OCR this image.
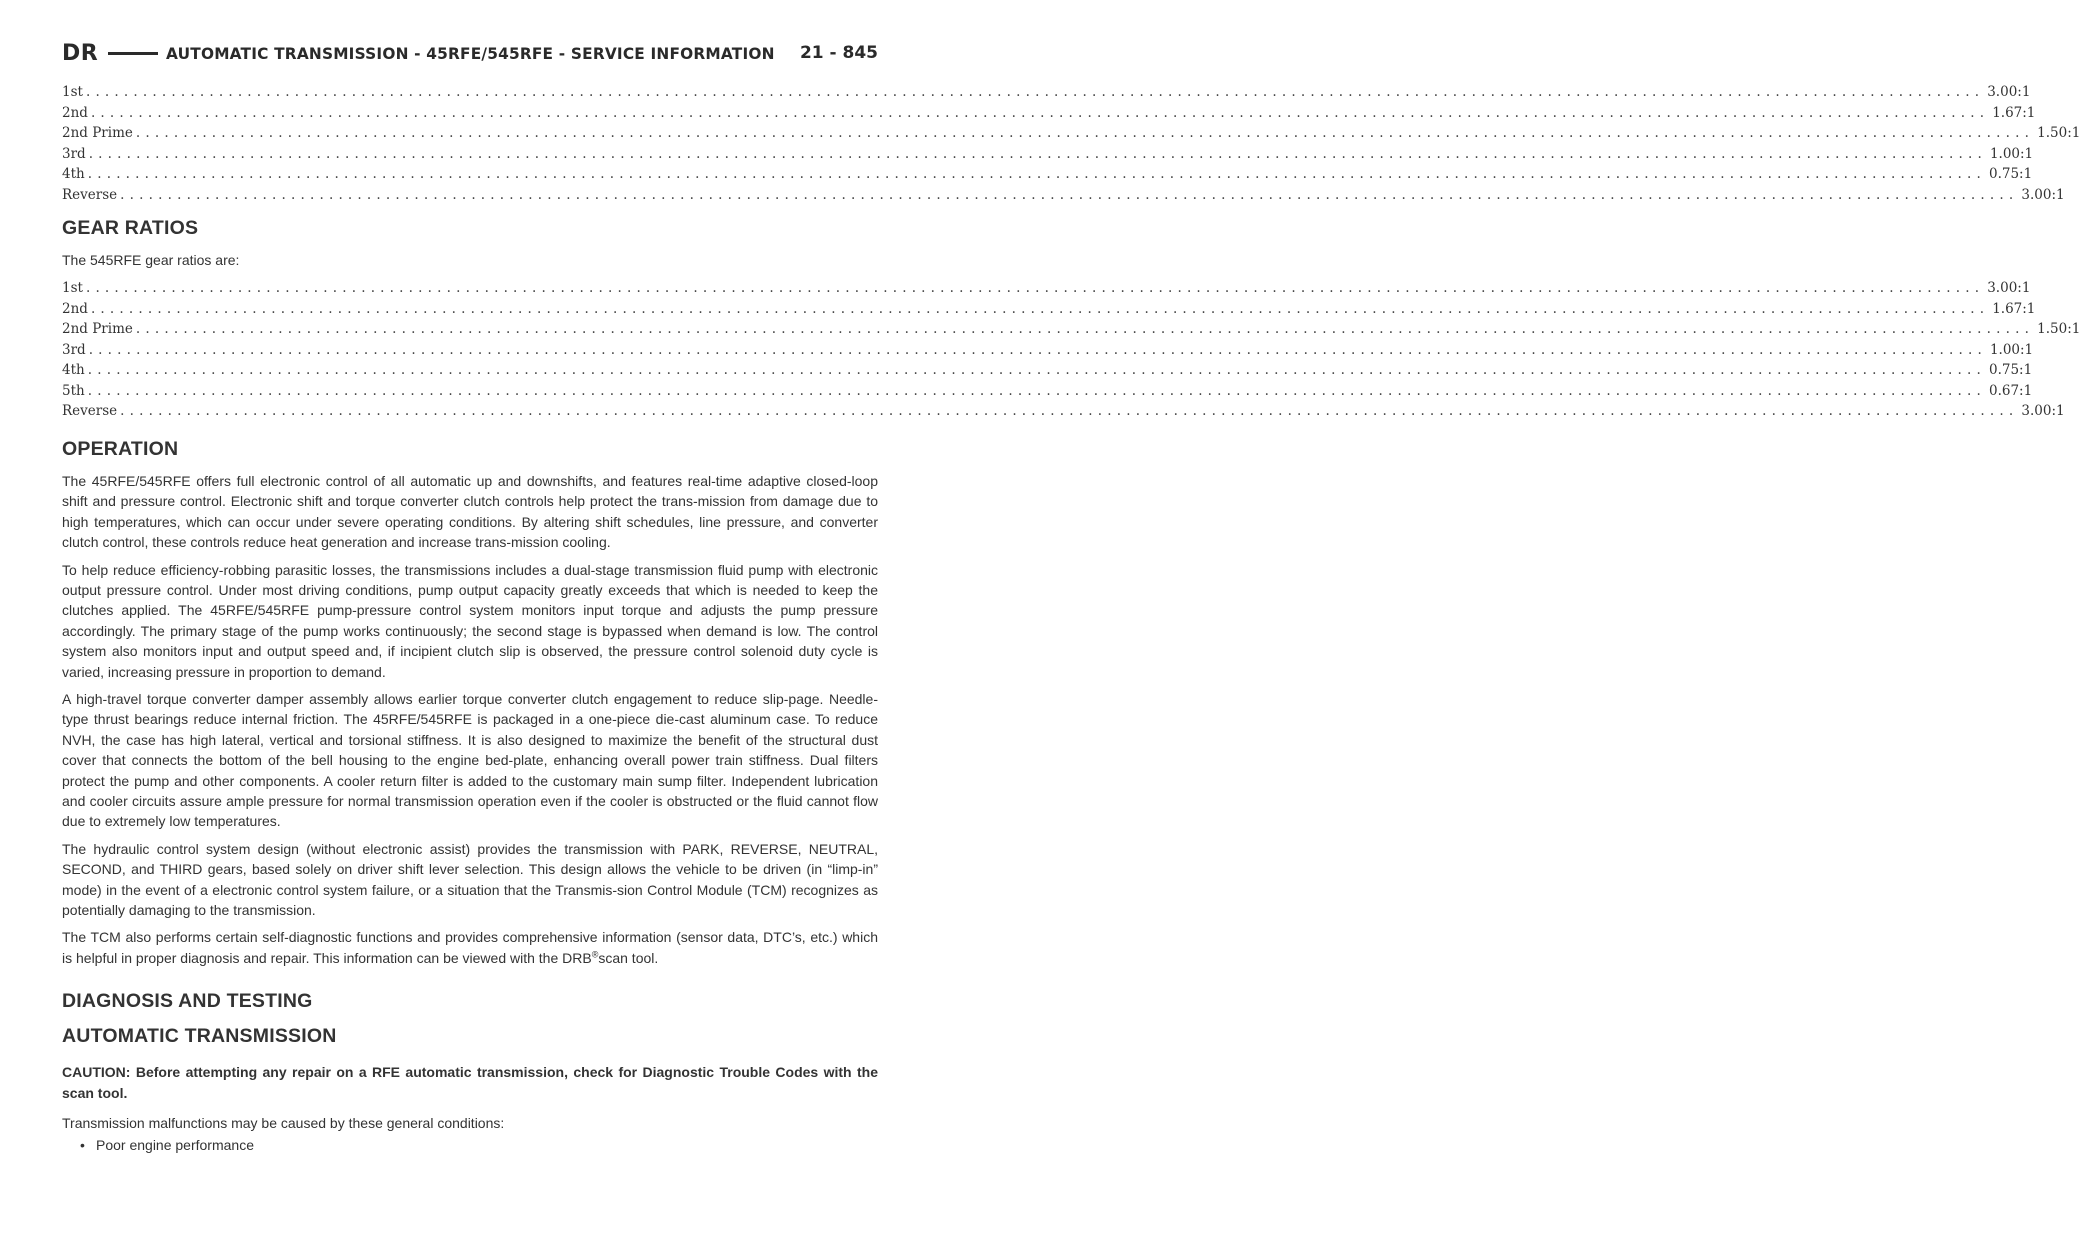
DR	AUTOMATIC TRANSMISSION - 45RFE/545RFE - SERVICE INFORMATION 21 - 845
1st ........................................................................................................................................................................................................ 3.00:1
2nd ........................................................................................................................................................................................................ 1.67:1
2nd Prime ........................................................................................................................................................................................................ 1.50:1
3rd ........................................................................................................................................................................................................ 1.00:1
4th ........................................................................................................................................................................................................ 0.75:1
Reverse ........................................................................................................................................................................................................ 3.00:1
GEAR RATIOS

The 545RFE gear ratios are:

1st ........................................................................................................................................................................................................ 3.00:1
2nd ........................................................................................................................................................................................................ 1.67:1
2nd Prime ........................................................................................................................................................................................................ 1.50:1
3rd ........................................................................................................................................................................................................ 1.00:1
4th ........................................................................................................................................................................................................ 0.75:1
5th ........................................................................................................................................................................................................ 0.67:1
Reverse ........................................................................................................................................................................................................ 3.00:1
OPERATION

The 45RFE/545RFE offers full electronic control of all automatic up and downshifts, and features real-time adaptive closed-loop shift and pressure control. Electronic shift and torque converter clutch controls help protect the trans-mission from damage due to high temperatures, which can occur under severe operating conditions. By altering shift schedules, line pressure, and converter clutch control, these controls reduce heat generation and increase trans-mission cooling.

To help reduce efficiency-robbing parasitic losses, the transmissions includes a dual-stage transmission fluid pump with electronic output pressure control. Under most driving conditions, pump output capacity greatly exceeds that which is needed to keep the clutches applied. The 45RFE/545RFE pump-pressure control system monitors input torque and adjusts the pump pressure accordingly. The primary stage of the pump works continuously; the second stage is bypassed when demand is low. The control system also monitors input and output speed and, if incipient clutch slip is observed, the pressure control solenoid duty cycle is varied, increasing pressure in proportion to demand.

A high-travel torque converter damper assembly allows earlier torque converter clutch engagement to reduce slip-page. Needle-type thrust bearings reduce internal friction. The 45RFE/545RFE is packaged in a one-piece die-cast aluminum case. To reduce NVH, the case has high lateral, vertical and torsional stiffness. It is also designed to maximize the benefit of the structural dust cover that connects the bottom of the bell housing to the engine bed-plate, enhancing overall power train stiffness. Dual filters protect the pump and other components. A cooler return filter is added to the customary main sump filter. Independent lubrication and cooler circuits assure ample pressure for normal transmission operation even if the cooler is obstructed or the fluid cannot flow due to extremely low temperatures.

The hydraulic control system design (without electronic assist) provides the transmission with PARK, REVERSE, NEUTRAL, SECOND, and THIRD gears, based solely on driver shift lever selection. This design allows the vehicle to be driven (in “limp-in” mode) in the event of a electronic control system failure, or a situation that the Transmis-sion Control Module (TCM) recognizes as potentially damaging to the transmission.

The TCM also performs certain self-diagnostic functions and provides comprehensive information (sensor data, DTC’s, etc.) which is helpful in proper diagnosis and repair. This information can be viewed with the DRB®scan tool.

DIAGNOSIS AND TESTING
AUTOMATIC TRANSMISSION

CAUTION: Before attempting any repair on a RFE automatic transmission, check for Diagnostic Trouble Codes with the scan tool.

Transmission malfunctions may be caused by these general conditions:

• Poor engine performance
